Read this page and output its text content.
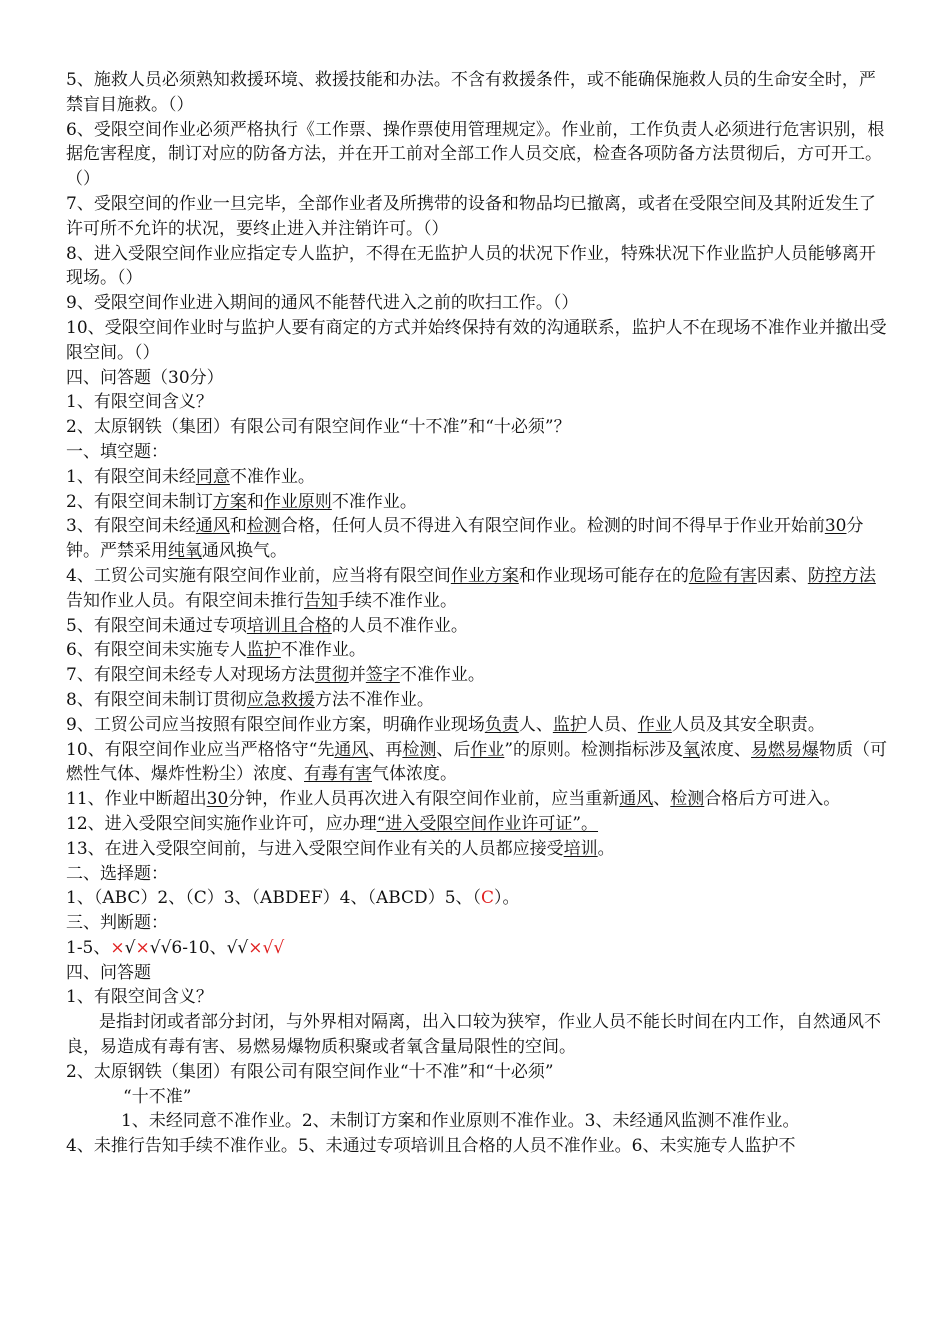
5、施救人员必须熟知救援环境、救援技能和办法。不含有救援条件，或不能确保施救人员的生命安全时，严禁盲目施救。（）
6、受限空间作业必须严格执行《工作票、操作票使用管理规定》。作业前，工作负责人必须进行危害识别，根据危害程度，制订对应的防备方法，并在开工前对全部工作人员交底，检查各项防备方法贯彻后，方可开工。（）
7、受限空间的作业一旦完毕，全部作业者及所携带的设备和物品均已撤离，或者在受限空间及其附近发生了许可所不允许的状况，要终止进入并注销许可。（）
8、进入受限空间作业应指定专人监护，不得在无监护人员的状况下作业，特殊状况下作业监护人员能够离开现场。（）
9、受限空间作业进入期间的通风不能替代进入之前的吹扫工作。（）
10、受限空间作业时与监护人要有商定的方式并始终保持有效的沟通联系，监护人不在现场不准作业并撤出受限空间。（）
四、问答题（30分）
1、有限空间含义？
2、太原钢铁（集团）有限公司有限空间作业“十不准”和“十必须”？
一、填空题：
1、有限空间未经同意不准作业。
2、有限空间未制订方案和作业原则不准作业。
3、有限空间未经通风和检测合格，任何人员不得进入有限空间作业。检测的时间不得早于作业开始前30分钟。严禁采用纯氧通风换气。
4、工贸公司实施有限空间作业前，应当将有限空间作业方案和作业现场可能存在的危险有害因素、防控方法告知作业人员。有限空间未推行告知手续不准作业。
5、有限空间未通过专项培训且合格的人员不准作业。
6、有限空间未实施专人监护不准作业。
7、有限空间未经专人对现场方法贯彻并签字不准作业。
8、有限空间未制订贯彻应急救援方法不准作业。
9、工贸公司应当按照有限空间作业方案，明确作业现场负责人、监护人员、作业人员及其安全职责。
10、有限空间作业应当严格恪守“先通风、再检测、后作业”的原则。检测指标涉及氧浓度、易燃易爆物质（可燃性气体、爆炸性粉尘）浓度、有毒有害气体浓度。
11、作业中断超出30分钟，作业人员再次进入有限空间作业前，应当重新通风、检测合格后方可进入。
12、进入受限空间实施作业许可，应办理“进入受限空间作业许可证”。
13、在进入受限空间前，与进入受限空间作业有关的人员都应接受培训。
二、选择题：
1、（ABC）2、（C）3、（ABDEF）4、（ABCD）5、（C）。
三、判断题：
1-5、×√×√√6-10、√√×√√
四、问答题
1、有限空间含义？
是指封闭或者部分封闭，与外界相对隔离，出入口较为狭窄，作业人员不能长时间在内工作，自然通风不良，易造成有毒有害、易燃易爆物质积聚或者氧含量局限性的空间。
2、太原钢铁（集团）有限公司有限空间作业“十不准”和“十必须”
“十不准”
1、未经同意不准作业。2、未制订方案和作业原则不准作业。3、未经通风监测不准作业。
4、未推行告知手续不准作业。5、未通过专项培训且合格的人员不准作业。6、未实施专人监护不
